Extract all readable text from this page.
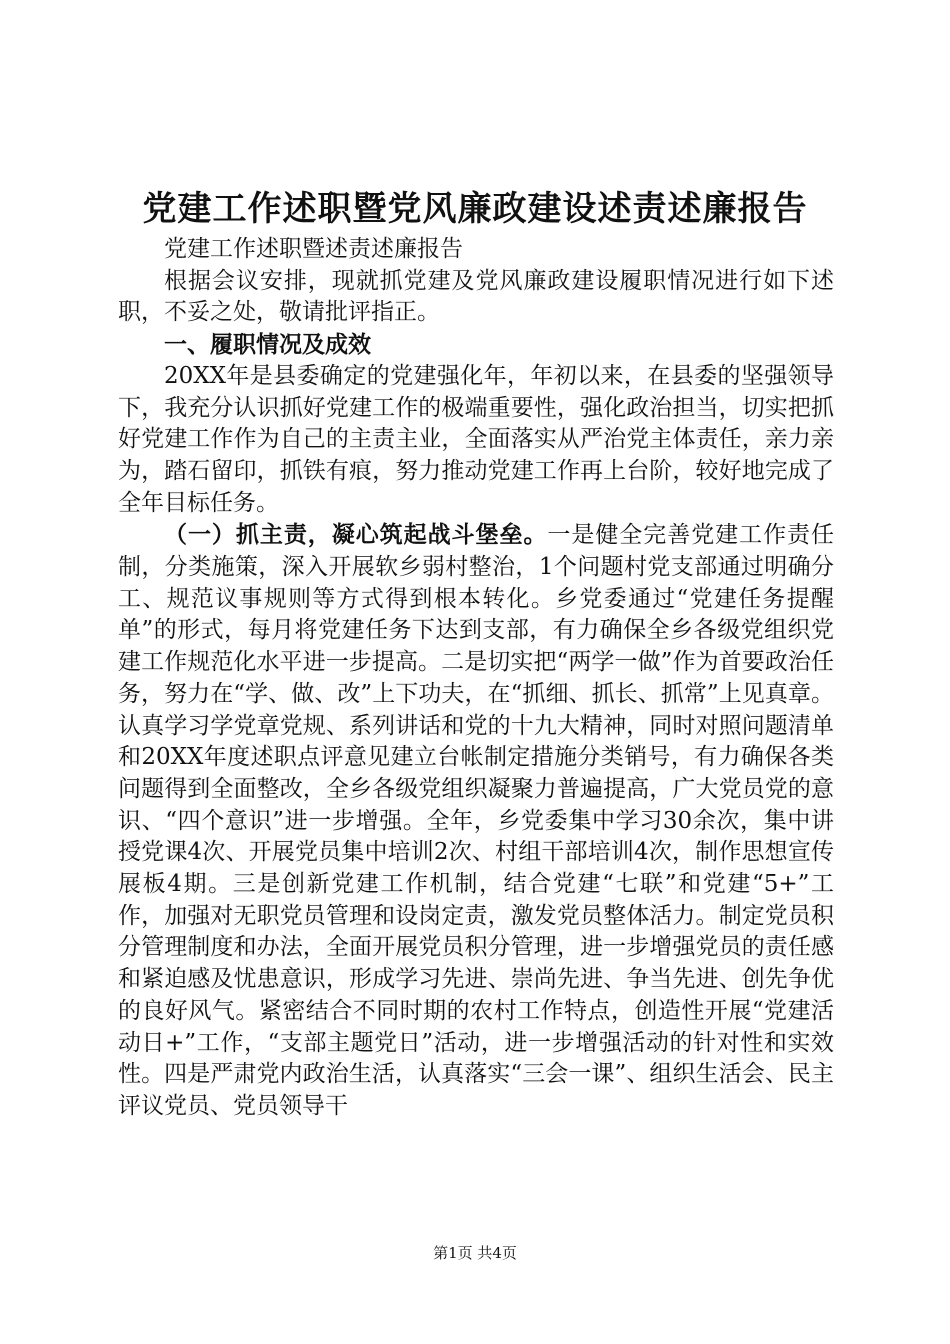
党建工作述职暨党风廉政建设述责述廉报告

党建工作述职暨述责述廉报告

根据会议安排，现就抓党建及党风廉政建设履职情况进行如下述职，不妥之处，敬请批评指正。

一、履职情况及成效

20XX年是县委确定的党建强化年，年初以来，在县委的坚强领导下，我充分认识抓好党建工作的极端重要性，强化政治担当，切实把抓好党建工作作为自己的主责主业，全面落实从严治党主体责任，亲力亲为，踏石留印，抓铁有痕，努力推动党建工作再上台阶，较好地完成了全年目标任务。

（一）抓主责，凝心筑起战斗堡垒。一是健全完善党建工作责任制，分类施策，深入开展软乡弱村整治，1个问题村党支部通过明确分工、规范议事规则等方式得到根本转化。乡党委通过“党建任务提醒单”的形式，每月将党建任务下达到支部，有力确保全乡各级党组织党建工作规范化水平进一步提高。二是切实把“两学一做”作为首要政治任务，努力在“学、做、改”上下功夫，在“抓细、抓长、抓常”上见真章。认真学习学党章党规、系列讲话和党的十九大精神，同时对照问题清单和20XX年度述职点评意见建立台帐制定措施分类销号，有力确保各类问题得到全面整改，全乡各级党组织凝聚力普遍提高，广大党员党的意识、“四个意识”进一步增强。全年，乡党委集中学习30余次，集中讲授党课4次、开展党员集中培训2次、村组干部培训4次，制作思想宣传展板4期。三是创新党建工作机制，结合党建“七联”和党建“5+”工作，加强对无职党员管理和设岗定责，激发党员整体活力。制定党员积分管理制度和办法，全面开展党员积分管理，进一步增强党员的责任感和紧迫感及忧患意识，形成学习先进、崇尚先进、争当先进、创先争优的良好风气。紧密结合不同时期的农村工作特点，创造性开展“党建活动日+”工作，“支部主题党日”活动，进一步增强活动的针对性和实效性。四是严肃党内政治生活，认真落实“三会一课”、组织生活会、民主评议党员、党员领导干

第1页 共4页
